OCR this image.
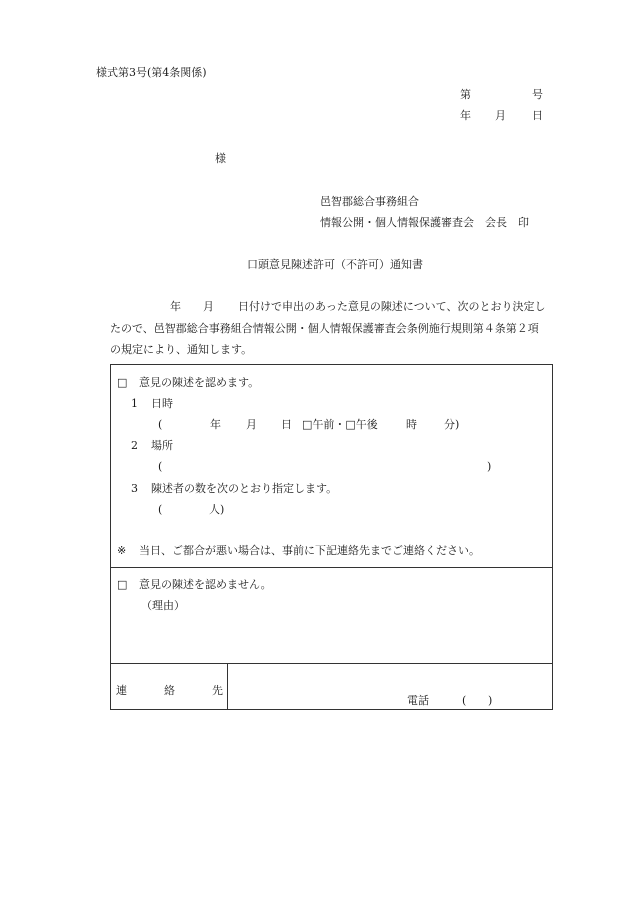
様式第3号(第4条関係)
第	号
年 月 日
様
邑智郡総合事務組合
情報公開・個人情報保護審査会　会長　印
口頭意見陳述許可（不許可）通知書
年 月 日付けで申出のあった意見の陳述について、次のとおり決定し
たので、邑智郡総合事務組合情報公開・個人情報保護審査会条例施行規則第４条第２項
の規定により、通知します。
□ 意見の陳述を認めます。
1 日時
(	年 月 日 □午前・□午後	時 分)
2 場所
(	)
3 陳述者の数を次のとおり指定します。
(	人)
※ 当日、ご都合が悪い場合は、事前に下記連絡先までご連絡ください。
□ 意見の陳述を認めません。
（理由）
連	絡	先
電話	( )
